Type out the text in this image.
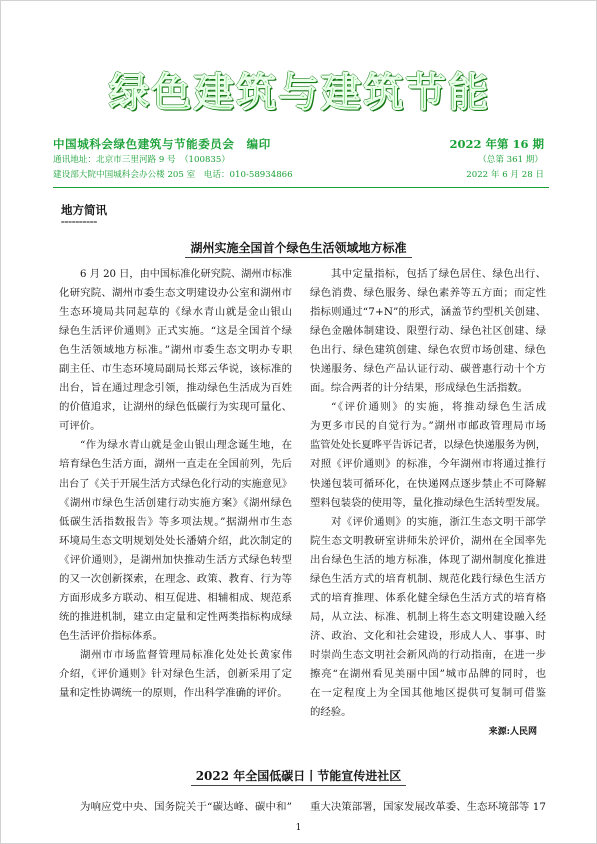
绿色建筑与建筑节能
中国城科会绿色建筑与节能委员会　编印	2022 年第 16 期
通讯地址：北京市三里河路 9 号　（100835）	（总第 361 期）
建设部大院中国城科会办公楼 205 室　电话：010-58934866	2022 年 6 月 28 日
地方简讯
==========
湖州实施全国首个绿色生活领域地方标准
6 月 20 日，由中国标准化研究院、湖州市标准
化研究院、湖州市委生态文明建设办公室和湖州市
生态环境局共同起草的《绿水青山就是金山银山
绿色生活评价通则》正式实施。“这是全国首个绿
色生活领域地方标准。”湖州市委生态文明办专职
副主任、市生态环境局副局长郑云华说，该标准的
出台，旨在通过理念引领，推动绿色生活成为百姓
的价值追求，让湖州的绿色低碳行为实现可量化、
可评价。
“作为绿水青山就是金山银山理念诞生地，在
培育绿色生活方面，湖州一直走在全国前列，先后
出台了《关于开展生活方式绿色化行动的实施意见》
《湖州市绿色生活创建行动实施方案》《湖州绿色
低碳生活指数报告》等多项法规。”据湖州市生态
环境局生态文明规划处处长潘婧介绍，此次制定的
《评价通则》，是湖州加快推动生活方式绿色转型
的又一次创新探索，在理念、政策、教育、行为等
方面形成多方联动、相互促进、相辅相成、规范系
统的推进机制，建立由定量和定性两类指标构成绿
色生活评价指标体系。
湖州市市场监督管理局标准化处处长黄家伟
介绍，《评价通则》针对绿色生活，创新采用了定
量和定性协调统一的原则，作出科学准确的评价。
其中定量指标，包括了绿色居住、绿色出行、
绿色消费、绿色服务、绿色素养等五方面；而定性
指标则通过“7+N”的形式，涵盖节约型机关创建、
绿色金融体制建设、限塑行动、绿色社区创建、绿
色出行、绿色建筑创建、绿色农贸市场创建、绿色
快递服务、绿色产品认证行动、碳普惠行动十个方
面。综合两者的计分结果，形成绿色生活指数。
“《评价通则》的实施，将推动绿色生活成
为更多市民的自觉行为。”湖州市邮政管理局市场
监管处处长夏晔平告诉记者，以绿色快递服务为例，
对照《评价通则》的标准，今年湖州市将通过推行
快递包装可循环化，在快递网点逐步禁止不可降解
塑料包装袋的使用等，量化推动绿色生活转型发展。
对《评价通则》的实施，浙江生态文明干部学
院生态文明教研室讲师朱於评价，湖州在全国率先
出台绿色生活的地方标准，体现了湖州制度化推进
绿色生活方式的培育机制、规范化践行绿色生活方
式的培育推理、体系化健全绿色生活方式的培育格
局，从立法、标准、机制上将生态文明建设融入经
济、政治、文化和社会建设，形成人人、事事、时
时崇尚生态文明社会新风尚的行动指南，在进一步
擦亮“在湖州看见美丽中国”城市品牌的同时，也
在一定程度上为全国其他地区提供可复制可借鉴
的经验。
来源:人民网
2022 年全国低碳日丨节能宣传进社区
为响应党中央、国务院关于“碳达峰、碳中和” 重大决策部署，国家发展改革委、生态环境部等 17
1
